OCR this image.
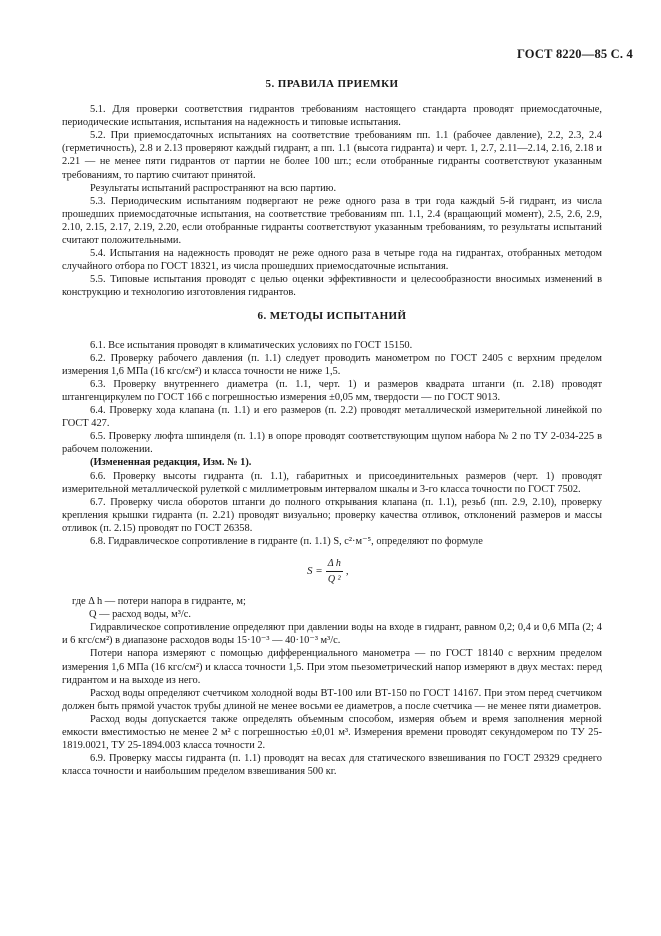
ГОСТ 8220—85 С. 4
5. ПРАВИЛА ПРИЕМКИ

5.1. Для проверки соответствия гидрантов требованиям настоящего стандарта проводят приемосдаточные, периодические испытания, испытания на надежность и типовые испытания.

5.2. При приемосдаточных испытаниях на соответствие требованиям пп. 1.1 (рабочее давление), 2.2, 2.3, 2.4 (герметичность), 2.8 и 2.13 проверяют каждый гидрант, а пп. 1.1 (высота гидранта) и черт. 1, 2.7, 2.11—2.14, 2.16, 2.18 и 2.21 — не менее пяти гидрантов от партии не более 100 шт.; если отобранные гидранты соответствуют указанным требованиям, то партию считают принятой.

Результаты испытаний распространяют на всю партию.

5.3. Периодическим испытаниям подвергают не реже одного раза в три года каждый 5-й гидрант, из числа прошедших приемосдаточные испытания, на соответствие требованиям пп. 1.1, 2.4 (вращающий момент), 2.5, 2.6, 2.9, 2.10, 2.15, 2.17, 2.19, 2.20, если отобранные гидранты соответствуют указанным требованиям, то результаты испытаний считают положительными.

5.4. Испытания на надежность проводят не реже одного раза в четыре года на гидрантах, отобранных методом случайного отбора по ГОСТ 18321, из числа прошедших приемосдаточные испытания.

5.5. Типовые испытания проводят с целью оценки эффективности и целесообразности вносимых изменений в конструкцию и технологию изготовления гидрантов.

6. МЕТОДЫ ИСПЫТАНИЙ

6.1. Все испытания проводят в климатических условиях по ГОСТ 15150.

6.2. Проверку рабочего давления (п. 1.1) следует проводить манометром по ГОСТ 2405 с верхним пределом измерения 1,6 МПа (16 кгс/см²) и класса точности не ниже 1,5.

6.3. Проверку внутреннего диаметра (п. 1.1, черт. 1) и размеров квадрата штанги (п. 2.18) проводят штангенциркулем по ГОСТ 166 с погрешностью измерения ±0,05 мм, твердости — по ГОСТ 9013.

6.4. Проверку хода клапана (п. 1.1) и его размеров (п. 2.2) проводят металлической измерительной линейкой по ГОСТ 427.

6.5. Проверку люфта шпинделя (п. 1.1) в опоре проводят соответствующим щупом набора № 2 по ТУ 2-034-225 в рабочем положении.

(Измененная редакция, Изм. № 1).

6.6. Проверку высоты гидранта (п. 1.1), габаритных и присоединительных размеров (черт. 1) проводят измерительной металлической рулеткой с миллиметровым интервалом шкалы и 3-го класса точности по ГОСТ 7502.

6.7. Проверку числа оборотов штанги до полного открывания клапана (п. 1.1), резьб (пп. 2.9, 2.10), проверку крепления крышки гидранта (п. 2.21) проводят визуально; проверку качества отливок, отклонений размеров и массы отливок (п. 2.15) проводят по ГОСТ 26358.

6.8. Гидравлическое сопротивление в гидранте (п. 1.1) S, с²·м⁻⁵, определяют по формуле

$S = \frac{\text{Δ h}}{\text{Q ²}}$ ,

где Δ h — потери напора в гидранте, м;

Q — расход воды, м³/с.

Гидравлическое сопротивление определяют при давлении воды на входе в гидрант, равном 0,2; 0,4 и 0,6 МПа (2; 4 и 6 кгс/см²) в диапазоне расходов воды 15·10⁻³ — 40·10⁻³ м³/с.

Потери напора измеряют с помощью дифференциального манометра — по ГОСТ 18140 с верхним пределом измерения 1,6 МПа (16 кгс/см²) и класса точности 1,5. При этом пьезометрический напор измеряют в двух местах: перед гидрантом и на выходе из него.

Расход воды определяют счетчиком холодной воды ВТ-100 или ВТ-150 по ГОСТ 14167. При этом перед счетчиком должен быть прямой участок трубы длиной не менее восьми ее диаметров, а после счетчика — не менее пяти диаметров.

Расход воды допускается также определять объемным способом, измеряя объем и время заполнения мерной емкости вместимостью не менее 2 м² с погрешностью ±0,01 м³. Измерения времени проводят секундомером по ТУ 25-1819.0021, ТУ 25-1894.003 класса точности 2.

6.9. Проверку массы гидранта (п. 1.1) проводят на весах для статического взвешивания по ГОСТ 29329 среднего класса точности и наибольшим пределом взвешивания 500 кг.
